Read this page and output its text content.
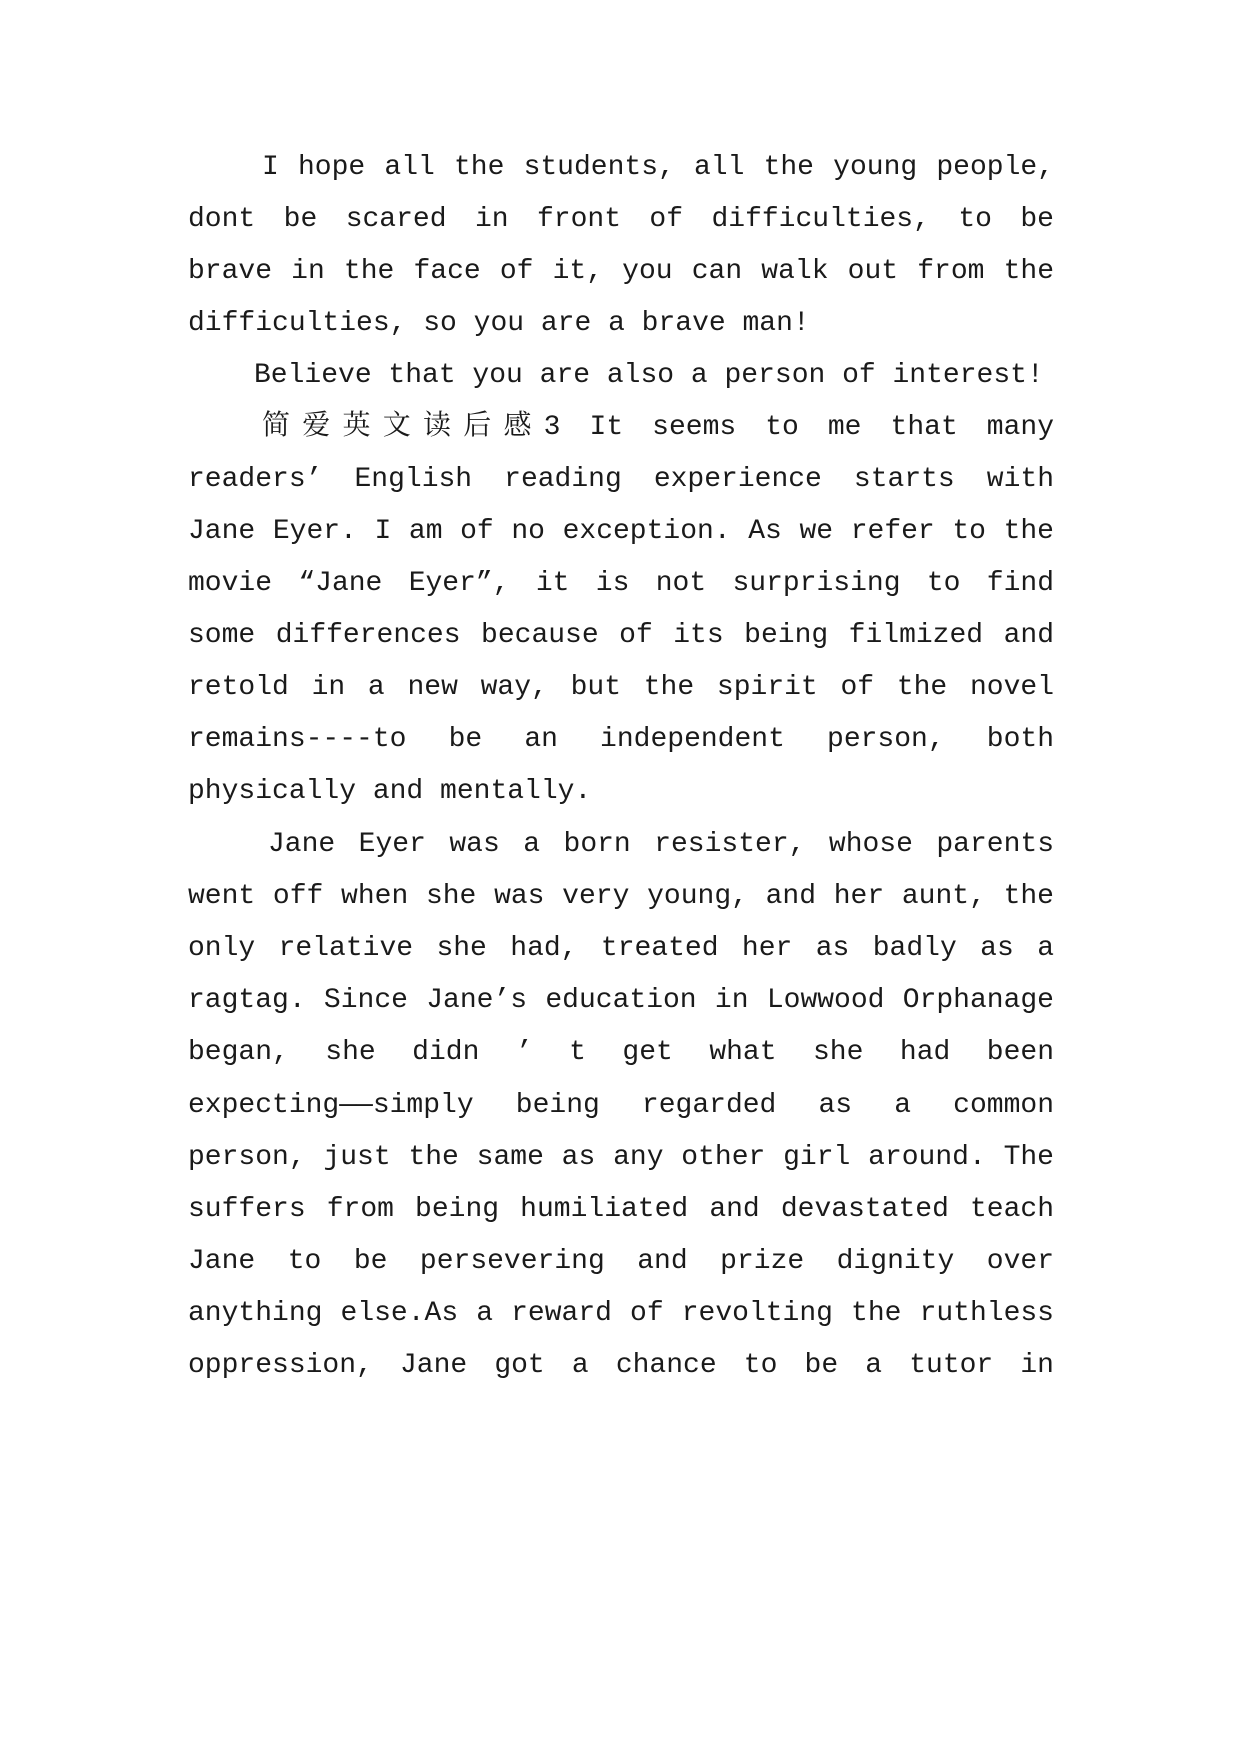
I hope all the students, all the young people,

dont be scared in front of difficulties, to be

brave in the face of it, you can walk out from the

difficulties, so you are a brave man!

Believe that you are also a person of interest!

简爱英文读后感3 It seems to me that many

readers’ English reading experience starts with

Jane Eyer. I am of no exception. As we refer to the

movie “Jane Eyer”, it is not surprising to find

some differences because of its being filmized and

retold in a new way, but the spirit of the novel

remains----to be an independent person, both

physically and mentally.

Jane Eyer was a born resister, whose parents

went off when she was very young, and her aunt, the

only relative she had, treated her as badly as a

ragtag. Since Jane’s education in Lowwood Orphanage

began, she didn ’ t get what she had been

expecting——simply being regarded as a common

person, just the same as any other girl around. The

suffers from being humiliated and devastated teach

Jane to be persevering and prize dignity over

anything else.As a reward of revolting the ruthless

oppression, Jane got a chance to be a tutor in
